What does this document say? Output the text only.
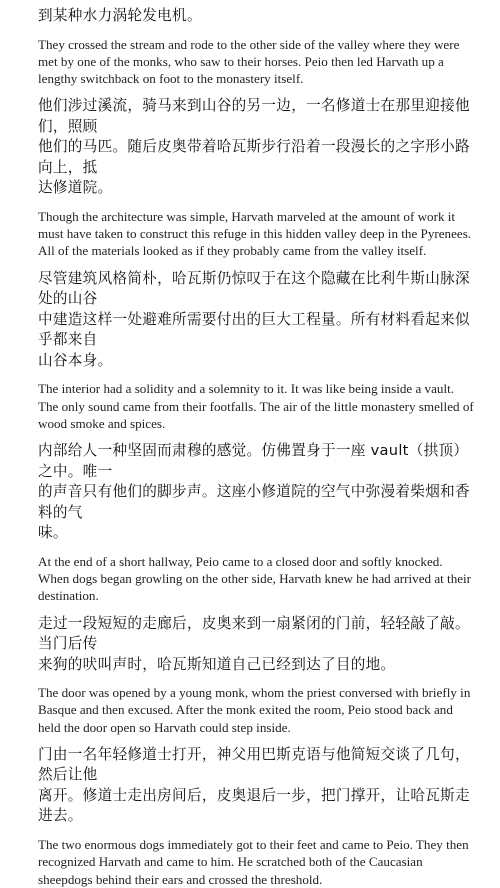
到某种水力涡轮发电机。

They crossed the stream and rode to the other side of the valley where they were
met by one of the monks, who saw to their horses. Peio then led Harvath up a
lengthy switchback on foot to the monastery itself.

他们涉过溪流，骑马来到山谷的另一边，一名修道士在那里迎接他们，照顾
他们的马匹。随后皮奥带着哈瓦斯步行沿着一段漫长的之字形小路向上，抵
达修道院。

Though the architecture was simple, Harvath marveled at the amount of work it
must have taken to construct this refuge in this hidden valley deep in the Pyrenees.
All of the materials looked as if they probably came from the valley itself.

尽管建筑风格简朴，哈瓦斯仍惊叹于在这个隐藏在比利牛斯山脉深处的山谷
中建造这样一处避难所需要付出的巨大工程量。所有材料看起来似乎都来自
山谷本身。

The interior had a solidity and a solemnity to it. It was like being inside a vault.
The only sound came from their footfalls. The air of the little monastery smelled of
wood smoke and spices.

内部给人一种坚固而肃穆的感觉。仿佛置身于一座 vault（拱顶）之中。唯一
的声音只有他们的脚步声。这座小修道院的空气中弥漫着柴烟和香料的气
味。

At the end of a short hallway, Peio came to a closed door and softly knocked.
When dogs began growling on the other side, Harvath knew he had arrived at their
destination.

走过一段短短的走廊后，皮奥来到一扇紧闭的门前，轻轻敲了敲。当门后传
来狗的吠叫声时，哈瓦斯知道自己已经到达了目的地。

The door was opened by a young monk, whom the priest conversed with briefly in
Basque and then excused. After the monk exited the room, Peio stood back and
held the door open so Harvath could step inside.

门由一名年轻修道士打开，神父用巴斯克语与他简短交谈了几句，然后让他
离开。修道士走出房间后，皮奥退后一步，把门撑开，让哈瓦斯走进去。

The two enormous dogs immediately got to their feet and came to Peio. They then
recognized Harvath and came to him. He scratched both of the Caucasian
sheepdogs behind their ears and crossed the threshold.
